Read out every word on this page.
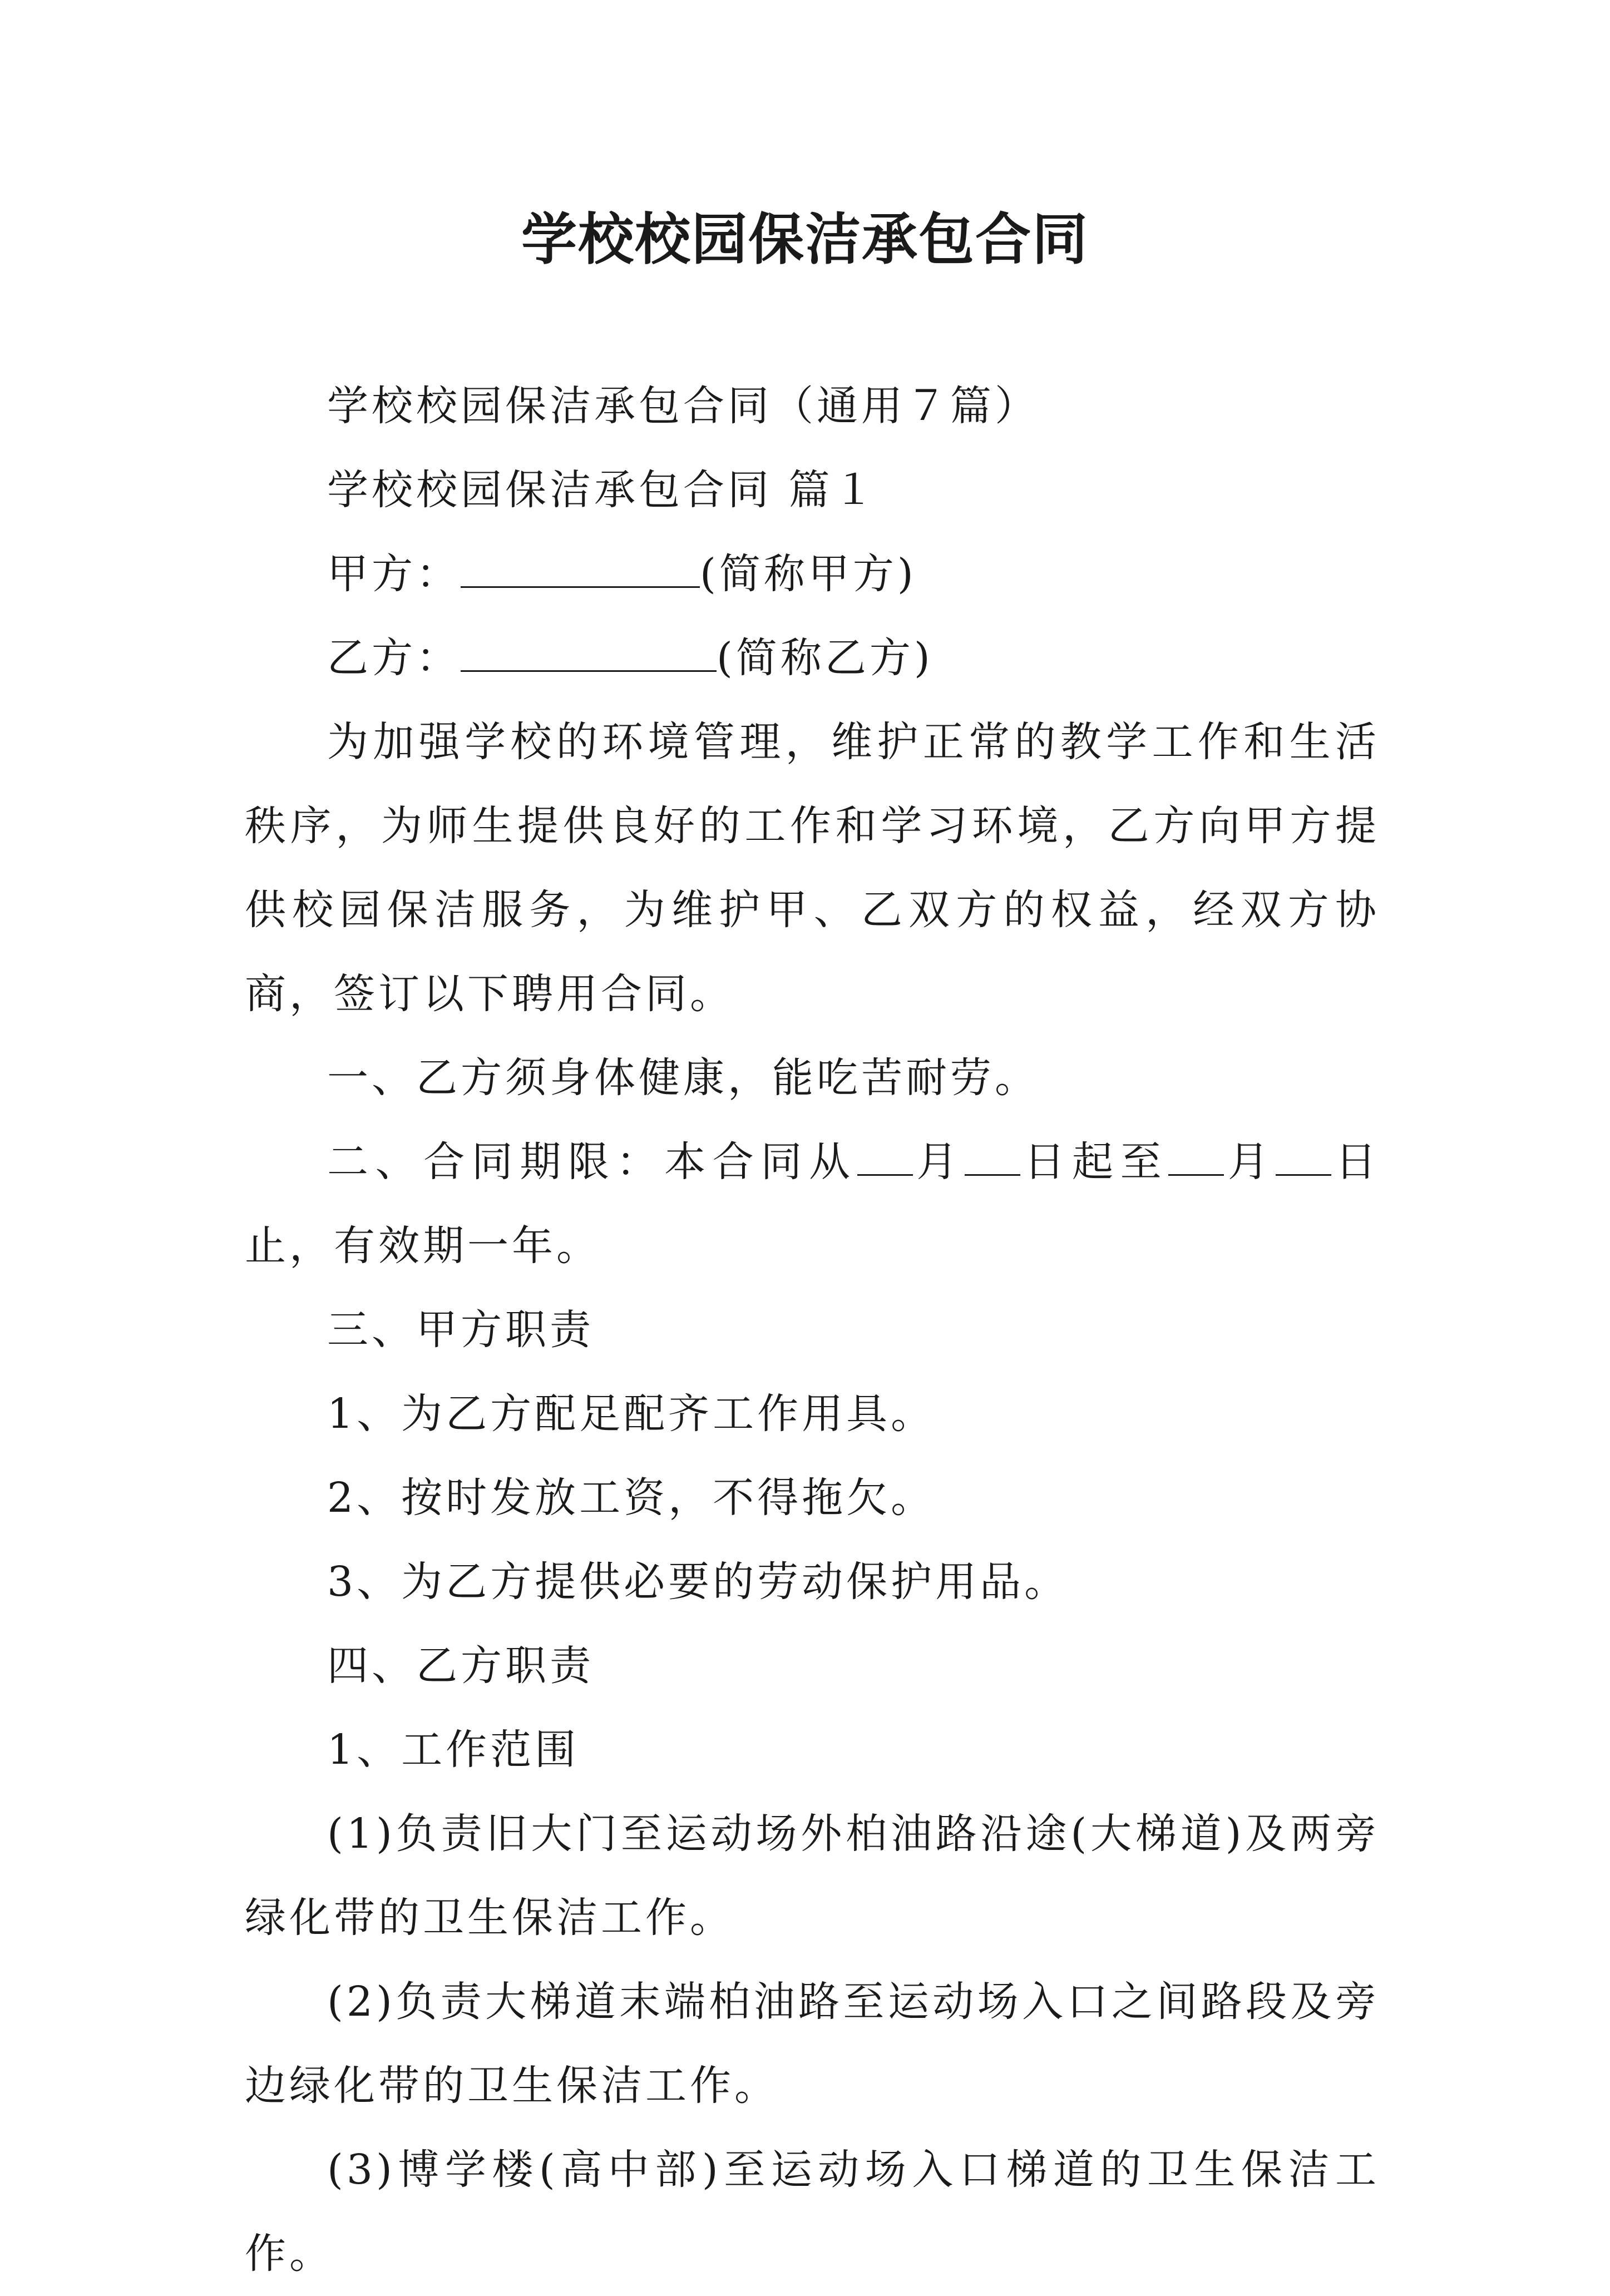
学校校园保洁承包合同

学校校园保洁承包合同（通用７篇）

学校校园保洁承包合同 篇１

甲方：	(简称甲方)

乙方：	(简称乙方)

为加强学校的环境管理，维护正常的教学工作和生活秩序，为师生提供良好的工作和学习环境，乙方向甲方提供校园保洁服务，为维护甲、乙双方的权益，经双方协商，签订以下聘用合同。

一、乙方须身体健康，能吃苦耐劳。

二、合同期限：本合同从 月 日起至 月 日止，有效期一年。

三、甲方职责

1、为乙方配足配齐工作用具。

2、按时发放工资，不得拖欠。

3、为乙方提供必要的劳动保护用品。

四、乙方职责

1、工作范围

(1)负责旧大门至运动场外柏油路沿途(大梯道)及两旁绿化带的卫生保洁工作。

(2)负责大梯道末端柏油路至运动场入口之间路段及旁边绿化带的卫生保洁工作。

(3)博学楼(高中部)至运动场入口梯道的卫生保洁工作。
